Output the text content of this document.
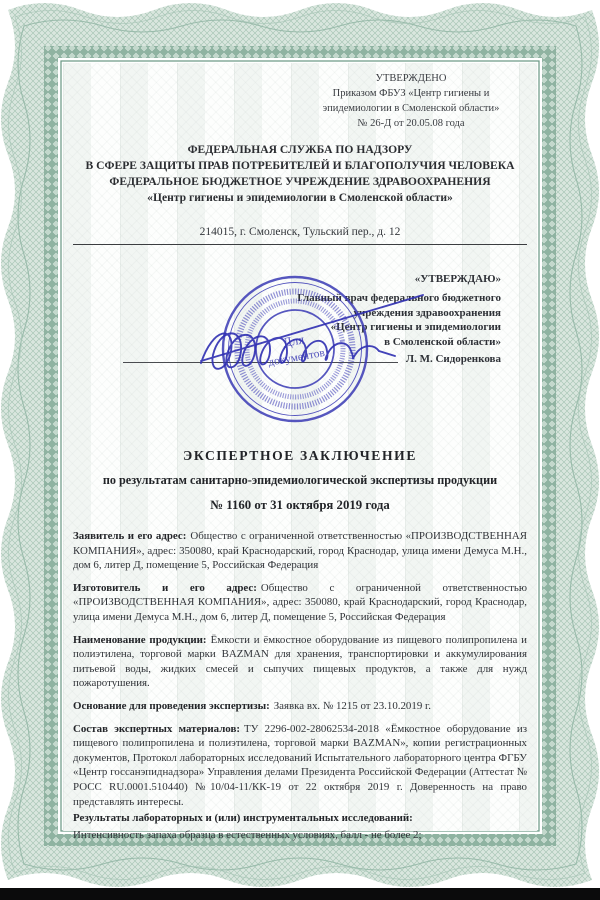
УТВЕРЖДЕНО
Приказом ФБУЗ «Центр гигиены и
эпидемиологии в Смоленской области»
№ 26-Д от 20.05.08 года
ФЕДЕРАЛЬНАЯ СЛУЖБА ПО НАДЗОРУ
В СФЕРЕ ЗАЩИТЫ ПРАВ ПОТРЕБИТЕЛЕЙ И БЛАГОПОЛУЧИЯ ЧЕЛОВЕКА
ФЕДЕРАЛЬНОЕ БЮДЖЕТНОЕ УЧРЕЖДЕНИЕ ЗДРАВООХРАНЕНИЯ
«Центр гигиены и эпидемиологии в Смоленской области»
214015, г. Смоленск, Тульский пер., д. 12
«УТВЕРЖДАЮ»
Главный врач федерального бюджетного
учреждения здравоохранения
«Центр гигиены и эпидемиологии
в Смоленской области»
Л. М. Сидоренкова
Для
документов
ЭКСПЕРТНОЕ ЗАКЛЮЧЕНИЕ
по результатам санитарно-эпидемиологической экспертизы продукции
№ 1160 от 31 октября 2019 года

Заявитель и его адрес: Общество с ограниченной ответственностью «ПРОИЗВОДСТВЕННАЯ КОМПАНИЯ», адрес: 350080, край Краснодарский, город Краснодар, улица имени Демуса М.Н., дом 6, литер Д, помещение 5, Российская Федерация

Изготовитель и его адрес: Общество с ограниченной ответственностью «ПРОИЗВОДСТВЕННАЯ КОМПАНИЯ», адрес: 350080, край Краснодарский, город Краснодар, улица имени Демуса М.Н., дом 6, литер Д, помещение 5, Российская Федерация

Наименование продукции: Ёмкости и ёмкостное оборудование из пищевого полипропилена и полиэтилена, торговой марки BAZMAN для хранения, транспортировки и аккумулирования питьевой воды, жидких смесей и сыпучих пищевых продуктов, а также для нужд пожаротушения.

Основание для проведения экспертизы: Заявка вх. № 1215 от 23.10.2019 г.

Состав экспертных материалов: ТУ 2296-002-28062534-2018 «Ёмкостное оборудование из пищевого полипропилена и полиэтилена, торговой марки BAZMAN», копии регистрационных документов, Протокол лабораторных исследований Испытательного лабораторного центра ФГБУ «Центр госсанэпиднадзора» Управления делами Президента Российской Федерации (Аттестат № РОСС RU.0001.510440) №10/04-11/КК-19 от 22 октября 2019 г. Доверенность на право представлять интересы.

Результаты лабораторных и (или) инструментальных исследований:

Интенсивность запаха образца в естественных условиях, балл - не более 2;
